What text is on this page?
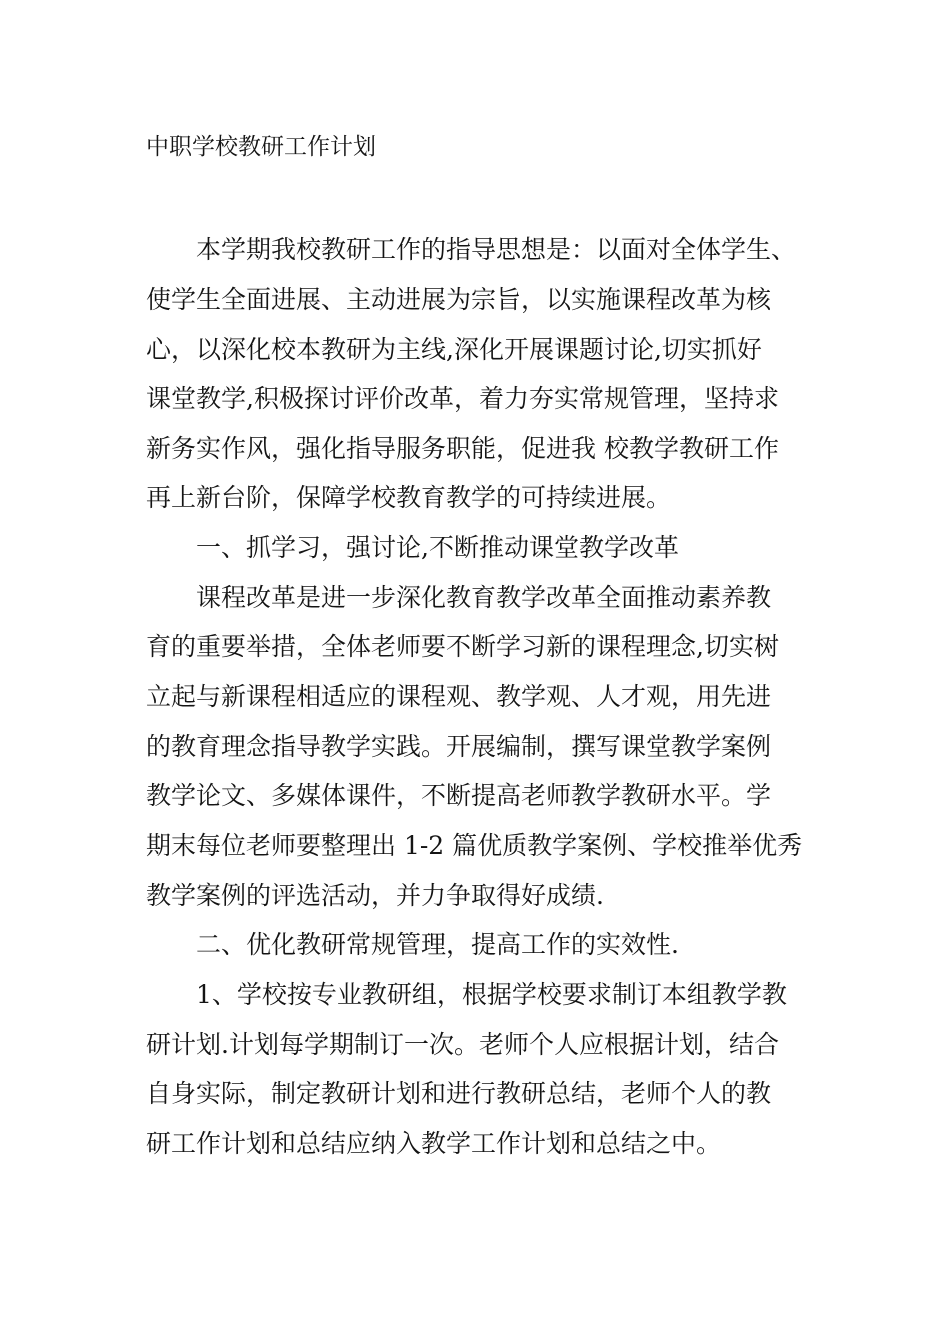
中职学校教研工作计划

本学期我校教研工作的指导思想是：以面对全体学生、

使学生全面进展、主动进展为宗旨，以实施课程改革为核

心，以深化校本教研为主线,深化开展课题讨论,切实抓好

课堂教学,积极探讨评价改革，着力夯实常规管理，坚持求

新务实作风，强化指导服务职能，促进我 校教学教研工作

再上新台阶，保障学校教育教学的可持续进展。

一、抓学习，强讨论,不断推动课堂教学改革

课程改革是进一步深化教育教学改革全面推动素养教

育的重要举措，全体老师要不断学习新的课程理念,切实树

立起与新课程相适应的课程观、教学观、人才观，用先进

的教育理念指导教学实践。开展编制，撰写课堂教学案例

教学论文、多媒体课件，不断提高老师教学教研水平。学

期末每位老师要整理出 1-2 篇优质教学案例、学校推举优秀

教学案例的评选活动，并力争取得好成绩.

二、优化教研常规管理，提高工作的实效性.

1、学校按专业教研组，根据学校要求制订本组教学教

研计划.计划每学期制订一次。老师个人应根据计划，结合

自身实际，制定教研计划和进行教研总结，老师个人的教

研工作计划和总结应纳入教学工作计划和总结之中。
